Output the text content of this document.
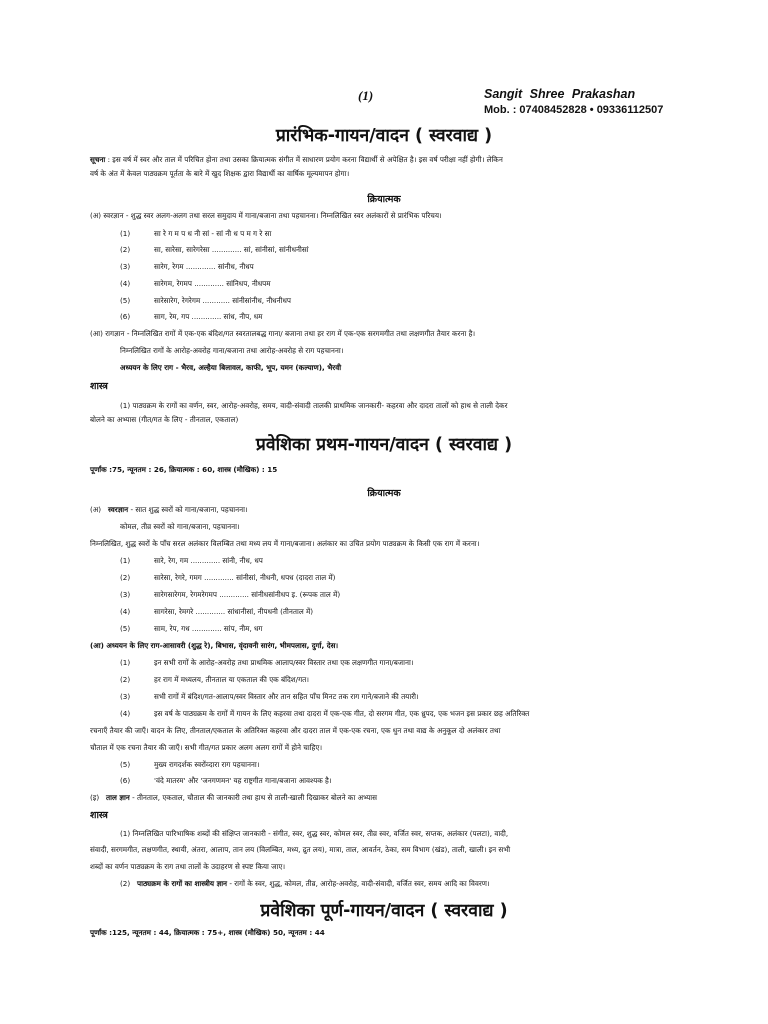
(1)	Sangit Shree Prakashan
Mob. : 07408452828 • 09336112507
प्रारंभिक-गायन/वादन ( स्वरवाद्य )
सूचना : इस वर्ष में स्वर और ताल में परिचित होना तथा उसका क्रियात्मक संगीत में साधारण प्रयोग करना विद्यार्थी से अपेक्षित है। इस वर्ष परीक्षा नहीं होगी। लेकिन
वर्ष के अंत में केवल पाठ्यक्रम पूर्तता के बारे में खुद शिक्षक द्वारा विद्यार्थी का वार्षिक मूल्यमापन होगा।
क्रियात्मक
(अ) स्वरज्ञान - शुद्ध स्वर अलग-अलग तथा सरल समुदाय में गाना/बजाना तथा पहचानना। निम्नलिखित स्वर अलंकारों से प्रारंभिक परिचय।
(1)	सा रे ग म प ध नी सां - सां नी ध प म ग रे सा
(2)	सा, सारेसा, सारेगरेसा ............. सां, सांनीसां, सांनीधनीसां
(3)	सारेग, रेगम ............. सांनीध, नीधप
(4)	सारेगम, रेगमप ............. सांनिधप, नीधपम
(5)	सारेसारेग, रेगरेगम ............ सांनीसांनीध, नीधनीधप
(6)	साग, रेम, गप ............. सांध, नीप, धम
(आ) रागज्ञान - निम्नलिखित रागों में एक-एक बंदिश/गत स्वरतालबद्ध गाना/ बजाना तथा हर राग में एक-एक सरगमगीत तथा लक्षणगीत तैयार करना है।
निम्नलिखित रागों के आरोह-अवरोह गाना/बजाना तथा आरोह-अवरोह से राग पहचानना।
अध्ययन के लिए राग - भैरव, अल्हैया बिलावल, काफी, भूप, यमन (कल्याण), भैरवी
शास्त्र
(1) पाठ्यक्रम के रागों का वर्णन, स्वर, आरोह-अवरोह, समय, वादी-संवादी तालकी प्राथमिक जानकारी- कहरवा और दादरा तालों को हाथ से ताली देकर
बोलने का अभ्यास (गीत/गत के लिए - तीनताल, एकताल)
प्रवेशिका प्रथम-गायन/वादन ( स्वरवाद्य )
पूर्णांक :75, न्यूनतम : 26, क्रियात्मक : 60, शास्त्र (मौखिक) : 15
क्रियात्मक
(अ) स्वरज्ञान - सात शुद्ध स्वरों को गाना/बजाना, पहचानना।
कोमल, तीव्र स्वरों को गाना/बजाना, पहचानना।
निम्नलिखित, शुद्ध स्वरों के पाँच सरल अलंकार विलम्बित तथा मध्य लय में गाना/बजाना। अलंकार का उचित प्रयोग पाठ्यक्रम के किसी एक राग में करना।
(1)	सारे, रेग, गम ............. सांनी, नीध, धप
(2)	सारेसा, रेगरे, गमग ............. सांनीसां, नीधनी, धपध (दादरा ताल में)
(3)	सारेगसारेगम, रेगमरेगमप ............. सांनीधसांनीधप इ. (रूपक ताल में)
(4)	सागरेसा, रेमगरे ............. सांधानीसां, नीपधनी (तीनताल में)
(5)	साम, रेप, गध ............. सांप, नीम, धग
(आ) अध्ययन के लिए राग-आसावरी (शुद्ध रे), बिभास, वृंदावनी सारंग, भीमपलास, दुर्गा, देस।
(1)	इन सभी रागों के आरोह-अवरोह तथा प्राथमिक आलाप/स्वर विस्तार तथा एक लक्षणगीत गाना/बजाना।
(2)	हर राग में मध्यलय, तीनताल या एकताल की एक बंदिश/गत।
(3)	सभी रागों में बंदिश/गत-आलाप/स्वर विस्तार और तान सहित पाँच मिनट तक राग गाने/बजाने की तयारी।
(4)	इस वर्ष के पाठ्यक्रम के रागों में गायन के लिए कहरवा तथा दादरा में एक-एक गीत, दो सरगम गीत, एक ध्रुपद, एक भजन इस प्रकार छह अतिरिक्त
रचनाएँ तैयार की जाएँ। वादन के लिए, तीनताल/एकताल के अतिरिक्त कहरवा और दादरा ताल में एक-एक रचना, एक धुन तथा वाद्य के अनुकूल दो अलंकार तथा
चौताल में एक रचना तैयार की जाएँ। सभी गीत/गत प्रकार अलग अलग रागों में होने चाहिए।
(5)	मुख्य रागदर्शक स्वरोंव्दारा राग पहचानना।
(6)	'वंदे मातरम' और 'जनगणमन' यह राष्ट्रगीत गाना/बजाना आवश्यक है।
(इ) ताल ज्ञान - तीनताल, एकताल, चौताल की जानकारी तथा हाथ से ताली-खाली दिखाकर बोलने का अभ्यास
शास्त्र
(1) निम्नलिखित पारिभाषिक शब्दों की संक्षिप्त जानकारी - संगीत, स्वर, शुद्ध स्वर, कोमल स्वर, तीव्र स्वर, वर्जित स्वर, सप्तक, अलंकार (पलटा), वादी,
संवादी, सरगमगीत, लक्षणगीत, स्थायी, अंतरा, आलाप, तान लय (विलम्बित, मध्य, द्रुत लय), मात्रा, ताल, आवर्तन, ठेका, सम विभाग (खंड), ताली, खाली। इन सभी
शब्दों का वर्णन पाठ्यक्रम के राग तथा तालों के उदाहरण से स्पष्ट किया जाए।
(2) पाठ्यक्रम के रागों का शास्त्रीय ज्ञान - रागों के स्वर, शुद्ध, कोमल, तीव्र, आरोह-अवरोह, वादी-संवादी, वर्जित स्वर, समय आदि का विवरण।
प्रवेशिका पूर्ण-गायन/वादन ( स्वरवाद्य )
पूर्णांक :125, न्यूनतम : 44, क्रियात्मक : 75+, शास्त्र (मौखिक) 50, न्यूनतम : 44
